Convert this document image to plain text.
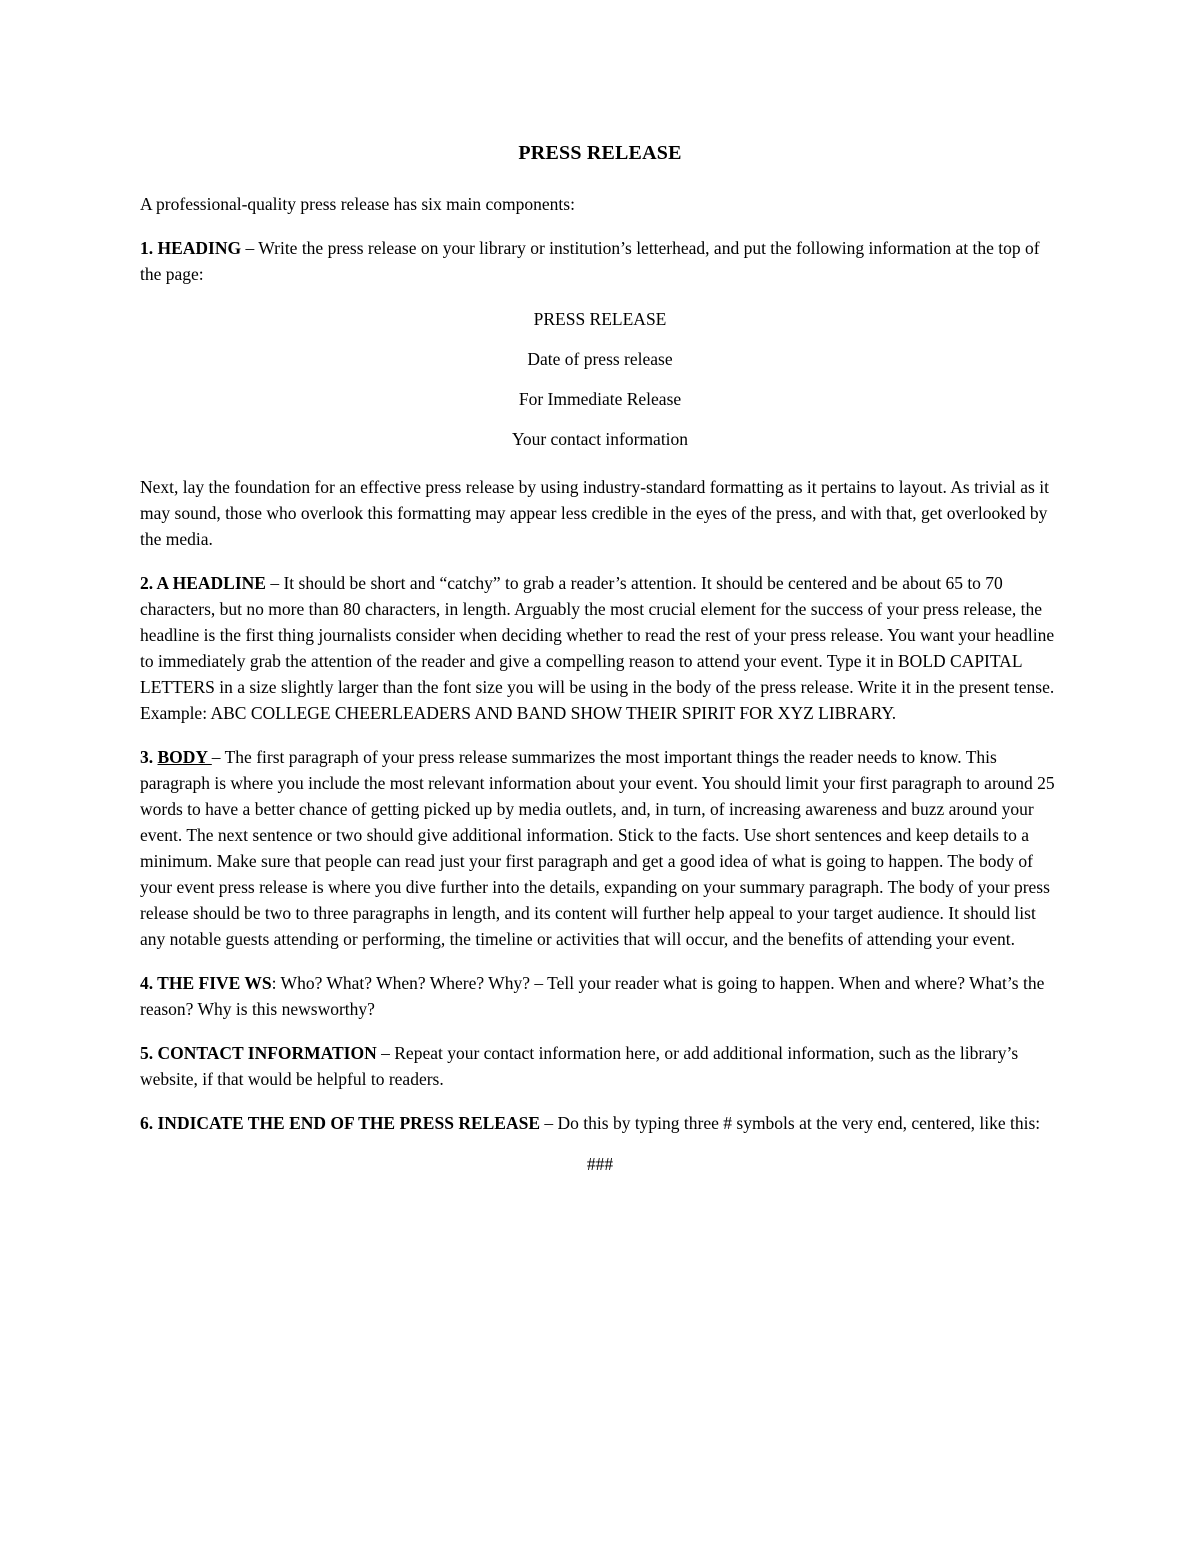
PRESS RELEASE

A professional-quality press release has six main components:

1. HEADING – Write the press release on your library or institution’s letterhead, and put the following information at the top of the page:

PRESS RELEASE
Date of press release
For Immediate Release
Your contact information

Next, lay the foundation for an effective press release by using industry-standard formatting as it pertains to layout. As trivial as it may sound, those who overlook this formatting may appear less credible in the eyes of the press, and with that, get overlooked by the media.

2. A HEADLINE – It should be short and “catchy” to grab a reader’s attention. It should be centered and be about 65 to 70 characters, but no more than 80 characters, in length. Arguably the most crucial element for the success of your press release, the headline is the first thing journalists consider when deciding whether to read the rest of your press release. You want your headline to immediately grab the attention of the reader and give a compelling reason to attend your event. Type it in BOLD CAPITAL LETTERS in a size slightly larger than the font size you will be using in the body of the press release. Write it in the present tense. Example: ABC COLLEGE CHEERLEADERS AND BAND SHOW THEIR SPIRIT FOR XYZ LIBRARY.

3. BODY – The first paragraph of your press release summarizes the most important things the reader needs to know. This paragraph is where you include the most relevant information about your event. You should limit your first paragraph to around 25 words to have a better chance of getting picked up by media outlets, and, in turn, of increasing awareness and buzz around your event. The next sentence or two should give additional information. Stick to the facts. Use short sentences and keep details to a minimum. Make sure that people can read just your first paragraph and get a good idea of what is going to happen. The body of your event press release is where you dive further into the details, expanding on your summary paragraph. The body of your press release should be two to three paragraphs in length, and its content will further help appeal to your target audience. It should list any notable guests attending or performing, the timeline or activities that will occur, and the benefits of attending your event.

4. THE FIVE WS: Who? What? When? Where? Why? – Tell your reader what is going to happen. When and where? What’s the reason? Why is this newsworthy?

5. CONTACT INFORMATION – Repeat your contact information here, or add additional information, such as the library’s website, if that would be helpful to readers.

6. INDICATE THE END OF THE PRESS RELEASE – Do this by typing three # symbols at the very end, centered, like this:

###
